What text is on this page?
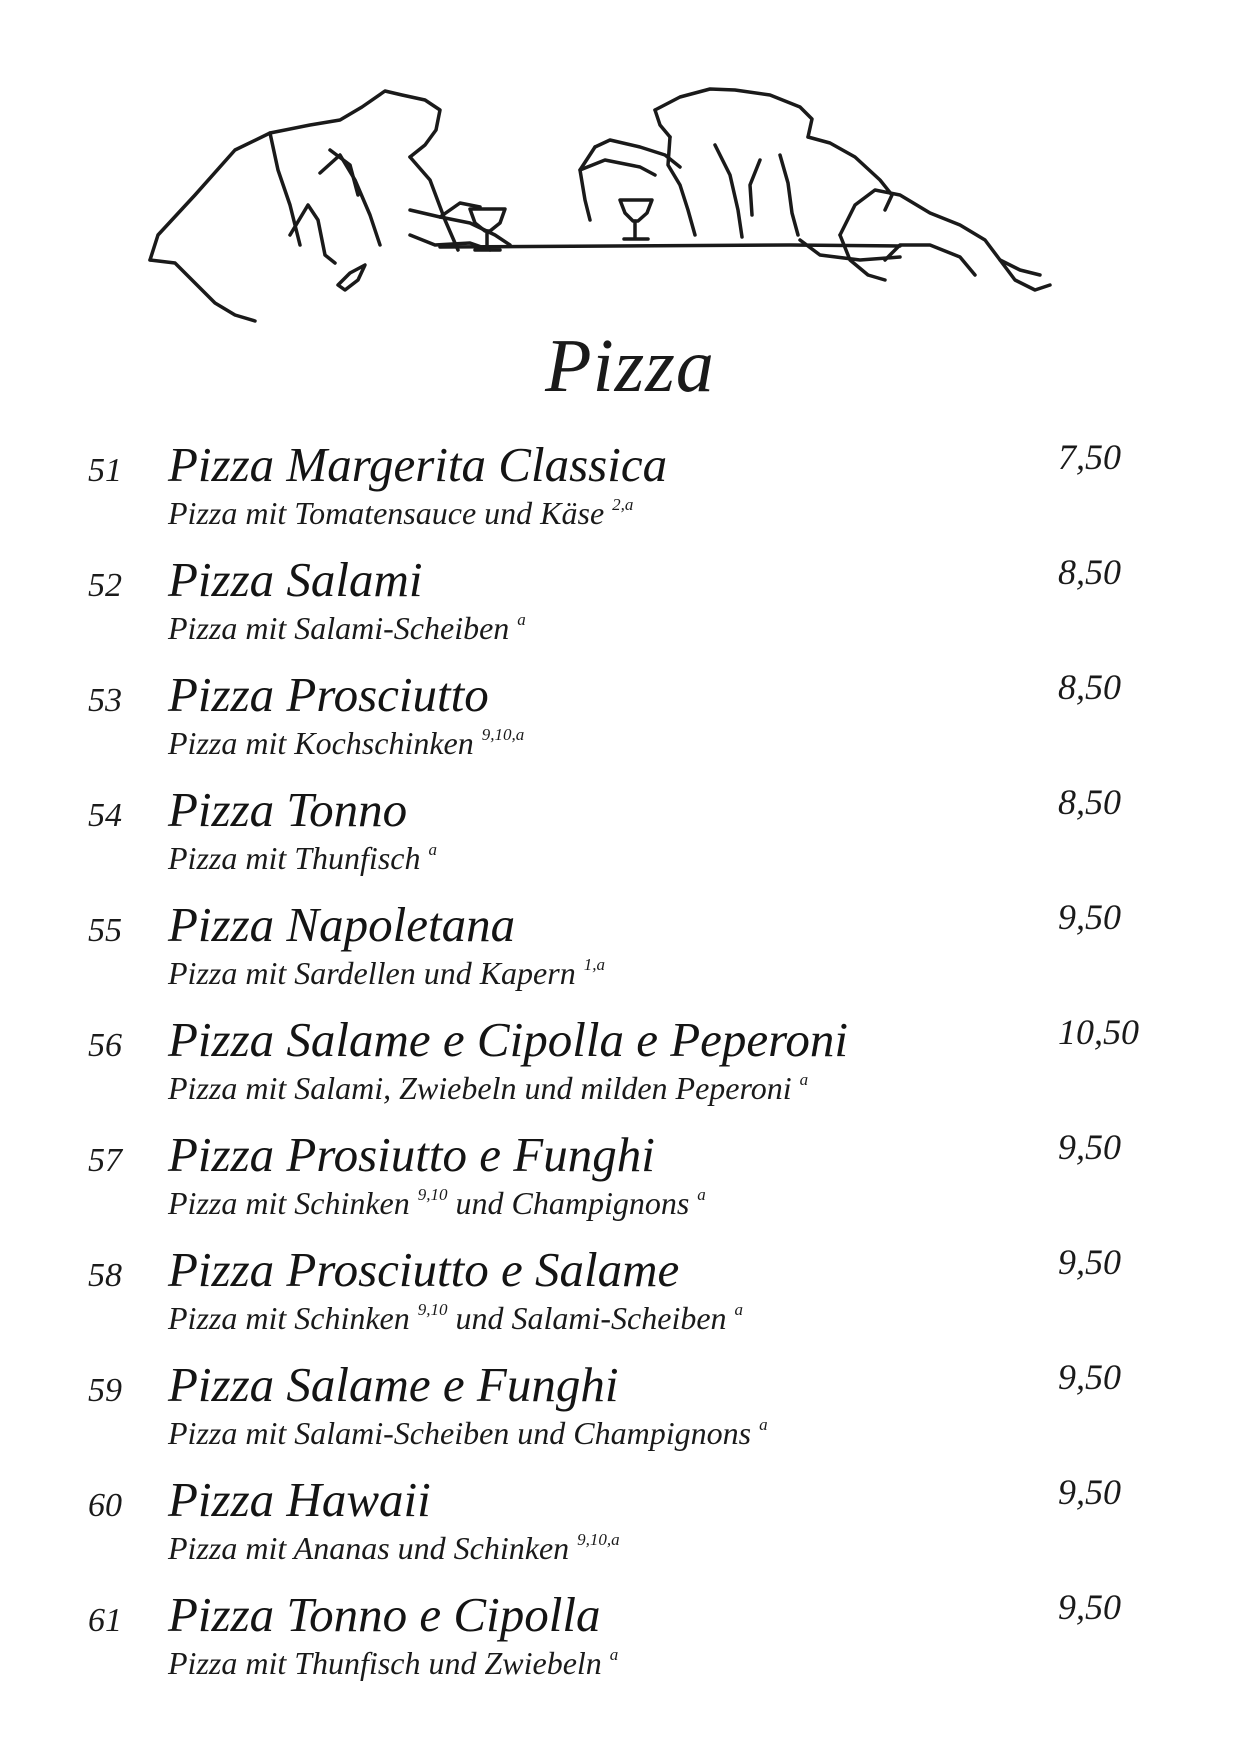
Pizza
51 Pizza Margerita Classica
Pizza mit Tomatensauce und Käse $^{2,a}$
7,50
52 Pizza Salami
Pizza mit Salami-Scheiben $^a$
8,50
53 Pizza Prosciutto
Pizza mit Kochschinken $^{9,10,a}$
8,50
54 Pizza Tonno
Pizza mit Thunfisch $^a$
8,50
55 Pizza Napoletana
Pizza mit Sardellen und Kapern $^{1,a}$
9,50
56 Pizza Salame e Cipolla e Peperoni
Pizza mit Salami, Zwiebeln und milden Peperoni $^a$
10,50
57 Pizza Prosiutto e Funghi
Pizza mit Schinken $^{9,10}$ und Champignons $^a$
9,50
58 Pizza Prosciutto e Salame
Pizza mit Schinken $^{9,10}$ und Salami-Scheiben $^a$
9,50
59 Pizza Salame e Funghi
Pizza mit Salami-Scheiben und Champignons $^a$
9,50
60 Pizza Hawaii
Pizza mit Ananas und Schinken $^{9,10,a}$
9,50
61 Pizza Tonno e Cipolla
Pizza mit Thunfisch und Zwiebeln $^a$
9,50
